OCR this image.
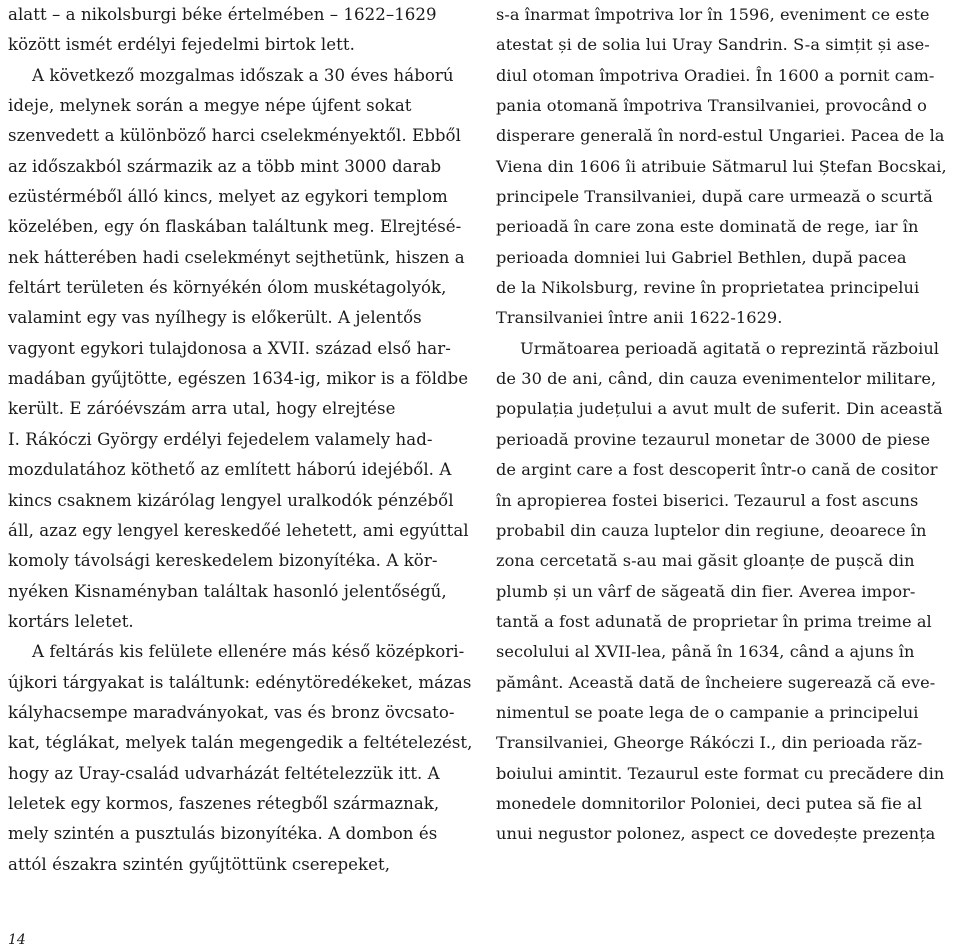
alatt – a nikolsburgi béke értelmében – 1622–1629
között ismét erdélyi fejedelmi birtok lett.
A következő mozgalmas időszak a 30 éves háború
ideje, melynek során a megye népe újfent sokat
szenvedett a különböző harci cselekményektől. Ebből
az időszakból származik az a több mint 3000 darab
ezüstérméből álló kincs, melyet az egykori templom
közelében, egy ón flaskában találtunk meg. Elrejtésé-
nek hátterében hadi cselekményt sejthetünk, hiszen a
feltárt területen és környékén ólom muskétagolyók,
valamint egy vas nyílhegy is előkerült. A jelentős
vagyont egykori tulajdonosa a XVII. század első har-
madában gyűjtötte, egészen 1634-ig, mikor is a földbe
került. E záróévszám arra utal, hogy elrejtése
I. Rákóczi György erdélyi fejedelem valamely had-
mozdulatához köthető az említett háború idejéből. A
kincs csaknem kizárólag lengyel uralkodók pénzéből
áll, azaz egy lengyel kereskedőé lehetett, ami egyúttal
komoly távolsági kereskedelem bizonyítéka. A kör-
nyéken Kisnaményban találtak hasonló jelentőségű,
kortárs leletet.
A feltárás kis felülete ellenére más késő középkori-
újkori tárgyakat is találtunk: edénytöredékeket, mázas
kályhacsempe maradványokat, vas és bronz övcsato-
kat, téglákat, melyek talán megengedik a feltételezést,
hogy az Uray-család udvarházát feltételezzük itt. A
leletek egy kormos, faszenes rétegből származnak,
mely szintén a pusztulás bizonyítéka. A dombon és
attól északra szintén gyűjtöttünk cserepeket,
s-a înarmat împotriva lor în 1596, eveniment ce este
atestat și de solia lui Uray Sandrin. S-a simțit și ase-
diul otoman împotriva Oradiei. În 1600 a pornit cam-
pania otomană împotriva Transilvaniei, provocând o
disperare generală în nord-estul Ungariei. Pacea de la
Viena din 1606 îi atribuie Sătmarul lui Ștefan Bocskai,
principele Transilvaniei, după care urmează o scurtă
perioadă în care zona este dominată de rege, iar în
perioada domniei lui Gabriel Bethlen, după pacea
de la Nikolsburg, revine în proprietatea principelui
Transilvaniei între anii 1622-1629.
Următoarea perioadă agitată o reprezintă războiul
de 30 de ani, când, din cauza evenimentelor militare,
populația județului a avut mult de suferit. Din această
perioadă provine tezaurul monetar de 3000 de piese
de argint care a fost descoperit într-o cană de cositor
în apropierea fostei biserici. Tezaurul a fost ascuns
probabil din cauza luptelor din regiune, deoarece în
zona cercetată s-au mai găsit gloanțe de pușcă din
plumb și un vârf de săgeată din fier. Averea impor-
tantă a fost adunată de proprietar în prima treime al
secolului al XVII-lea, până în 1634, când a ajuns în
pământ. Această dată de încheiere sugerează că eve-
nimentul se poate lega de o campanie a principelui
Transilvaniei, Gheorge Rákóczi I., din perioada răz-
boiului amintit. Tezaurul este format cu precădere din
monedele domnitorilor Poloniei, deci putea să fie al
unui negustor polonez, aspect ce dovedește prezența
14
